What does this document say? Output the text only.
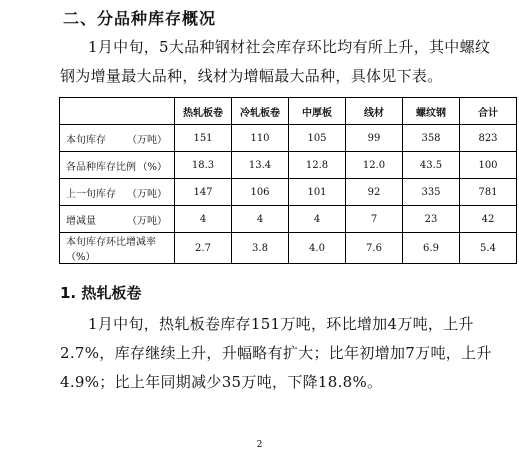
二、分品种库存概况
1月中旬，5大品种钢材社会库存环比均有所上升，其中螺纹钢为增量最大品种，线材为增幅最大品种，具体见下表。
	热轧板卷	冷轧板卷	中厚板	线材	螺纹钢	合计

本旬库存 （万吨）	151	110	105	99	358	823

各品种库存比例 （%）	18.3	13.4	12.8	12.0	43.5	100

上一旬库存 （万吨）	147	106	101	92	335	781

增减量 （万吨）	4	4	4	7	23	42

本旬库存环比增减率（%）	2.7	3.8	4.0	7.6	6.9	5.4
1. 热轧板卷
1月中旬，热轧板卷库存151万吨，环比增加4万吨，上升2.7%，库存继续上升，升幅略有扩大；比年初增加7万吨，上升4.9%；比上年同期减少35万吨，下降18.8%。
2
